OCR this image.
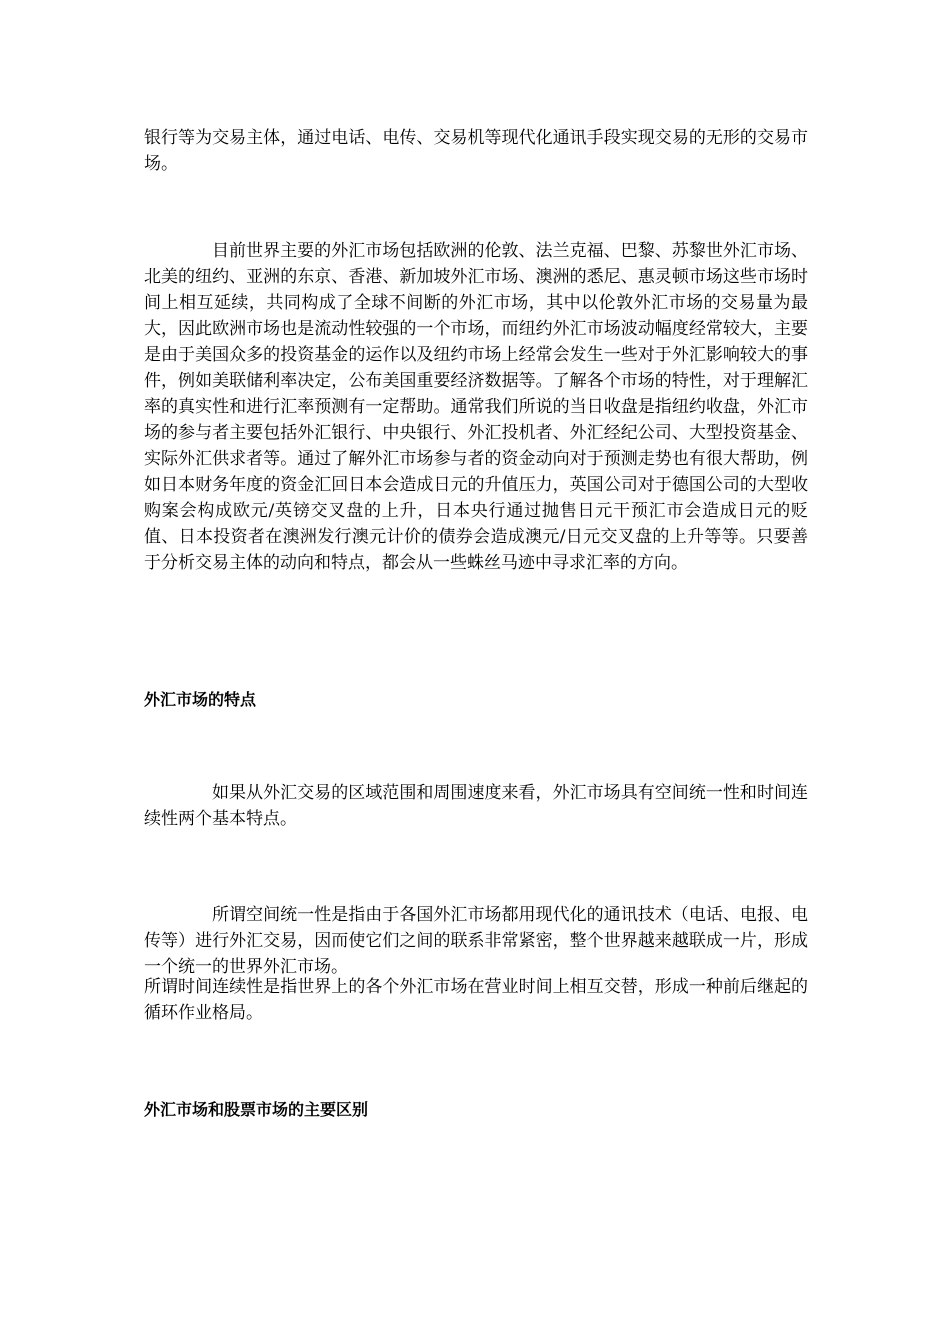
银行等为交易主体，通过电话、电传、交易机等现代化通讯手段实现交易的无形的交易市场。

目前世界主要的外汇市场包括欧洲的伦敦、法兰克福、巴黎、苏黎世外汇市场、北美的纽约、亚洲的东京、香港、新加坡外汇市场、澳洲的悉尼、惠灵顿市场这些市场时间上相互延续，共同构成了全球不间断的外汇市场，其中以伦敦外汇市场的交易量为最大，因此欧洲市场也是流动性较强的一个市场，而纽约外汇市场波动幅度经常较大，主要是由于美国众多的投资基金的运作以及纽约市场上经常会发生一些对于外汇影响较大的事件，例如美联储利率决定，公布美国重要经济数据等。了解各个市场的特性，对于理解汇率的真实性和进行汇率预测有一定帮助。通常我们所说的当日收盘是指纽约收盘，外汇市场的参与者主要包括外汇银行、中央银行、外汇投机者、外汇经纪公司、大型投资基金、实际外汇供求者等。通过了解外汇市场参与者的资金动向对于预测走势也有很大帮助，例如日本财务年度的资金汇回日本会造成日元的升值压力，英国公司对于德国公司的大型收购案会构成欧元/英镑交叉盘的上升，日本央行通过抛售日元干预汇市会造成日元的贬值、日本投资者在澳洲发行澳元计价的债券会造成澳元/日元交叉盘的上升等等。只要善于分析交易主体的动向和特点，都会从一些蛛丝马迹中寻求汇率的方向。

外汇市场的特点

如果从外汇交易的区域范围和周围速度来看，外汇市场具有空间统一性和时间连续性两个基本特点。

所谓空间统一性是指由于各国外汇市场都用现代化的通讯技术（电话、电报、电传等）进行外汇交易，因而使它们之间的联系非常紧密，整个世界越来越联成一片，形成一个统一的世界外汇市场。

所谓时间连续性是指世界上的各个外汇市场在营业时间上相互交替，形成一种前后继起的循环作业格局。

外汇市场和股票市场的主要区别
